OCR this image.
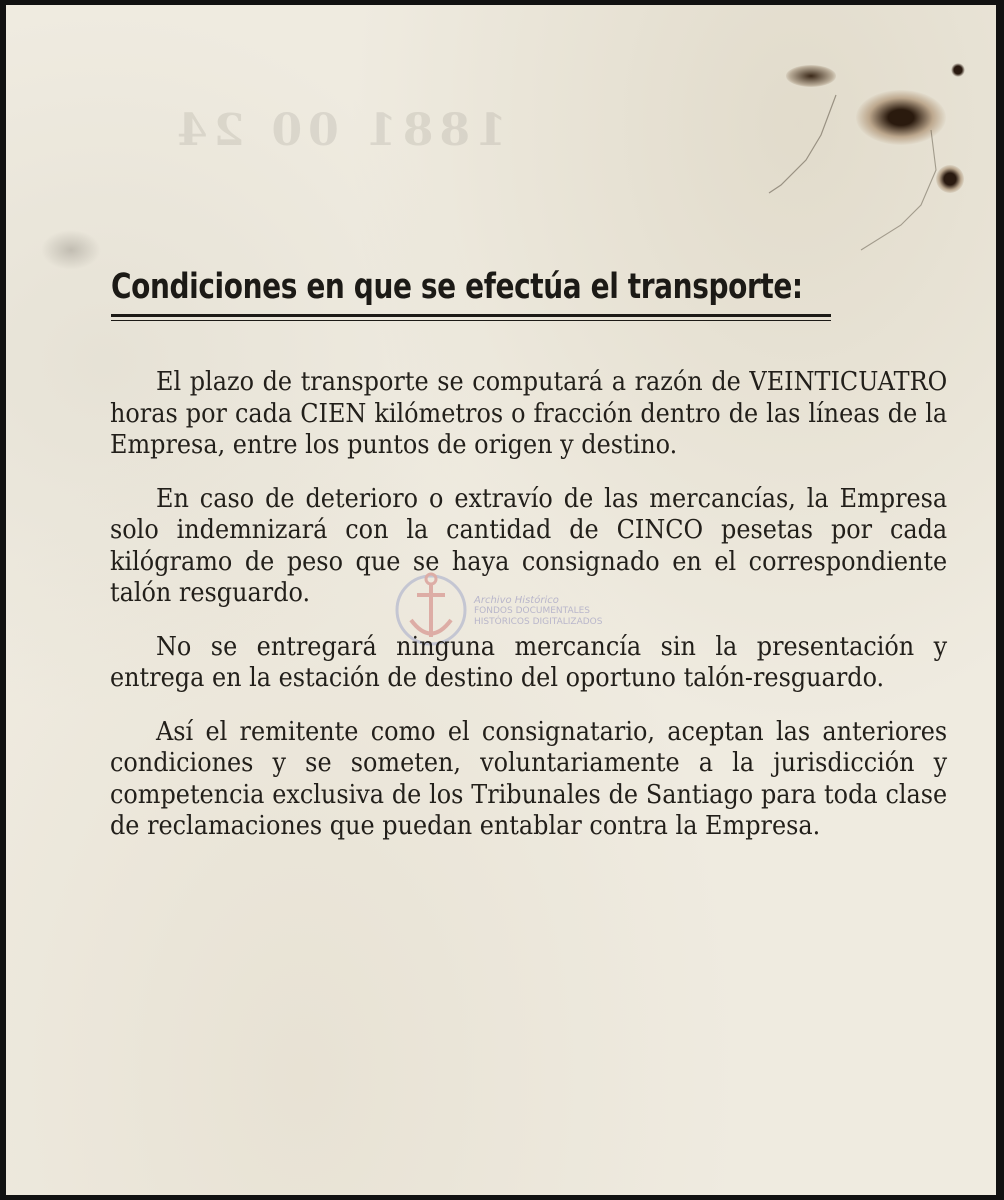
1881 00 24
Condiciones en que se efectúa el transporte:
Archivo Histórico
FONDOS DOCUMENTALES HISTÓRICOS DIGITALIZADOS

El plazo de transporte se computará a razón de VEINTICUATRO horas por cada CIEN kilómetros o fracción dentro de las líneas de la Empresa, entre los puntos de origen y destino.

En caso de deterioro o extravío de las mercancías, la Empresa solo indemnizará con la cantidad de CINCO pesetas por cada kilógramo de peso que se haya consignado en el correspondiente talón resguardo.

No se entregará ninguna mercancía sin la presentación y entrega en la estación de destino del oportuno talón-resguardo.

Así el remitente como el consignatario, aceptan las anteriores condiciones y se someten, voluntariamente a la jurisdicción y competencia exclusiva de los Tribunales de Santiago para toda clase de reclamaciones que puedan entablar contra la Empresa.
